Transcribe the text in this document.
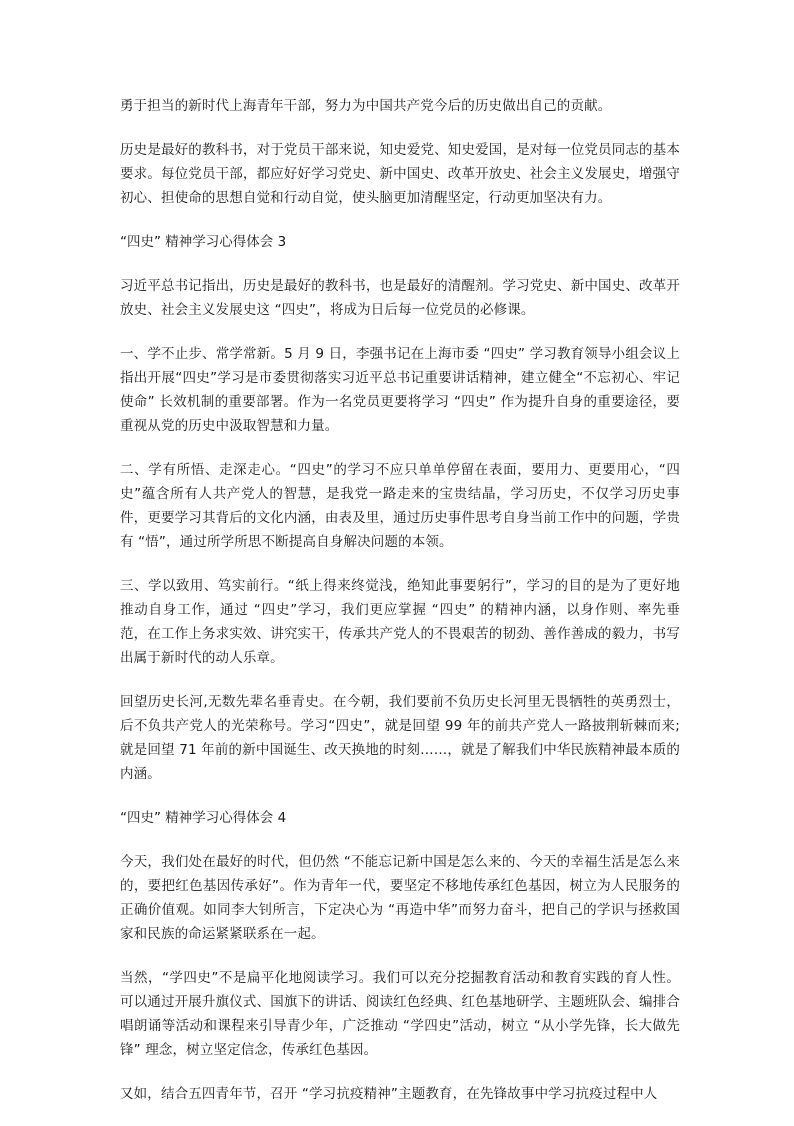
勇于担当的新时代上海青年干部，努力为中国共产党今后的历史做出自己的贡献。

历史是最好的教科书，对于党员干部来说，知史爱党、知史爱国，是对每一位党员同志的基本要求。每位党员干部，都应好好学习党史、新中国史、改革开放史、社会主义发展史，增强守初心、担使命的思想自觉和行动自觉，使头脑更加清醒坚定，行动更加坚决有力。

“四史” 精神学习心得体会 3

习近平总书记指出，历史是最好的教科书，也是最好的清醒剂。学习党史、新中国史、改革开放史、社会主义发展史这 “四史”，将成为日后每一位党员的必修课。

一、学不止步、常学常新。5 月 9 日，李强书记在上海市委 “四史” 学习教育领导小组会议上指出开展“四史”学习是市委贯彻落实习近平总书记重要讲话精神，建立健全“不忘初心、牢记使命” 长效机制的重要部署。作为一名党员更要将学习 “四史” 作为提升自身的重要途径，要重视从党的历史中汲取智慧和力量。

二、学有所悟、走深走心。“四史”的学习不应只单单停留在表面，要用力、更要用心，“四史”蕴含所有人共产党人的智慧，是我党一路走来的宝贵结晶，学习历史，不仅学习历史事件，更要学习其背后的文化内涵，由表及里，通过历史事件思考自身当前工作中的问题，学贵有 “悟”，通过所学所思不断提高自身解决问题的本领。

三、学以致用、笃实前行。“纸上得来终觉浅，绝知此事要躬行”，学习的目的是为了更好地推动自身工作，通过 “四史”学习，我们更应掌握 “四史” 的精神内涵，以身作则、率先垂范，在工作上务求实效、讲究实干，传承共产党人的不畏艰苦的韧劲、善作善成的毅力，书写出属于新时代的动人乐章。

回望历史长河,无数先辈名垂青史。在今朝，我们要前不负历史长河里无畏牺牲的英勇烈士，后不负共产党人的光荣称号。学习“四史”，就是回望 99 年的前共产党人一路披荆斩棘而来;就是回望 71 年前的新中国诞生、改天换地的时刻……，就是了解我们中华民族精神最本质的内涵。

“四史” 精神学习心得体会 4

今天，我们处在最好的时代，但仍然 “不能忘记新中国是怎么来的、今天的幸福生活是怎么来的，要把红色基因传承好”。作为青年一代，要坚定不移地传承红色基因，树立为人民服务的正确价值观。如同李大钊所言，下定决心为 “再造中华”而努力奋斗，把自己的学识与拯救国家和民族的命运紧紧联系在一起。

当然，“学四史”不是扁平化地阅读学习。我们可以充分挖掘教育活动和教育实践的育人性。可以通过开展升旗仪式、国旗下的讲话、阅读红色经典、红色基地研学、主题班队会、编排合唱朗诵等活动和课程来引导青少年，广泛推动 “学四史”活动，树立 “从小学先锋，长大做先锋” 理念，树立坚定信念，传承红色基因。

又如，结合五四青年节，召开 “学习抗疫精神”主题教育，在先锋故事中学习抗疫过程中人
